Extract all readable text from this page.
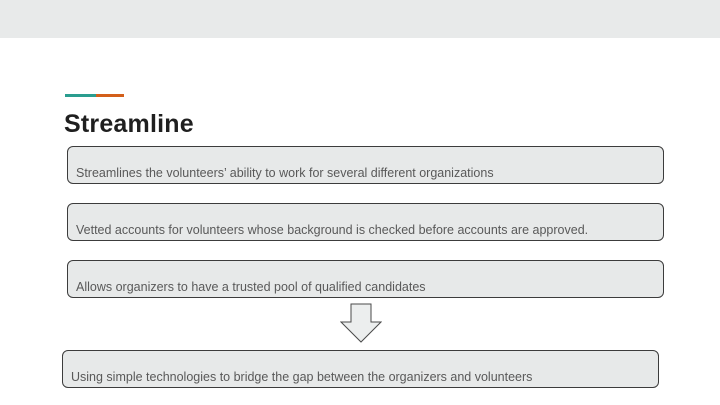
Streamline
Streamlines the volunteers’ ability to work for several different organizations
Vetted accounts for volunteers whose background is checked before accounts are approved.
Allows organizers to have a trusted pool of qualified candidates
Using simple technologies to bridge the gap between the organizers and volunteers
